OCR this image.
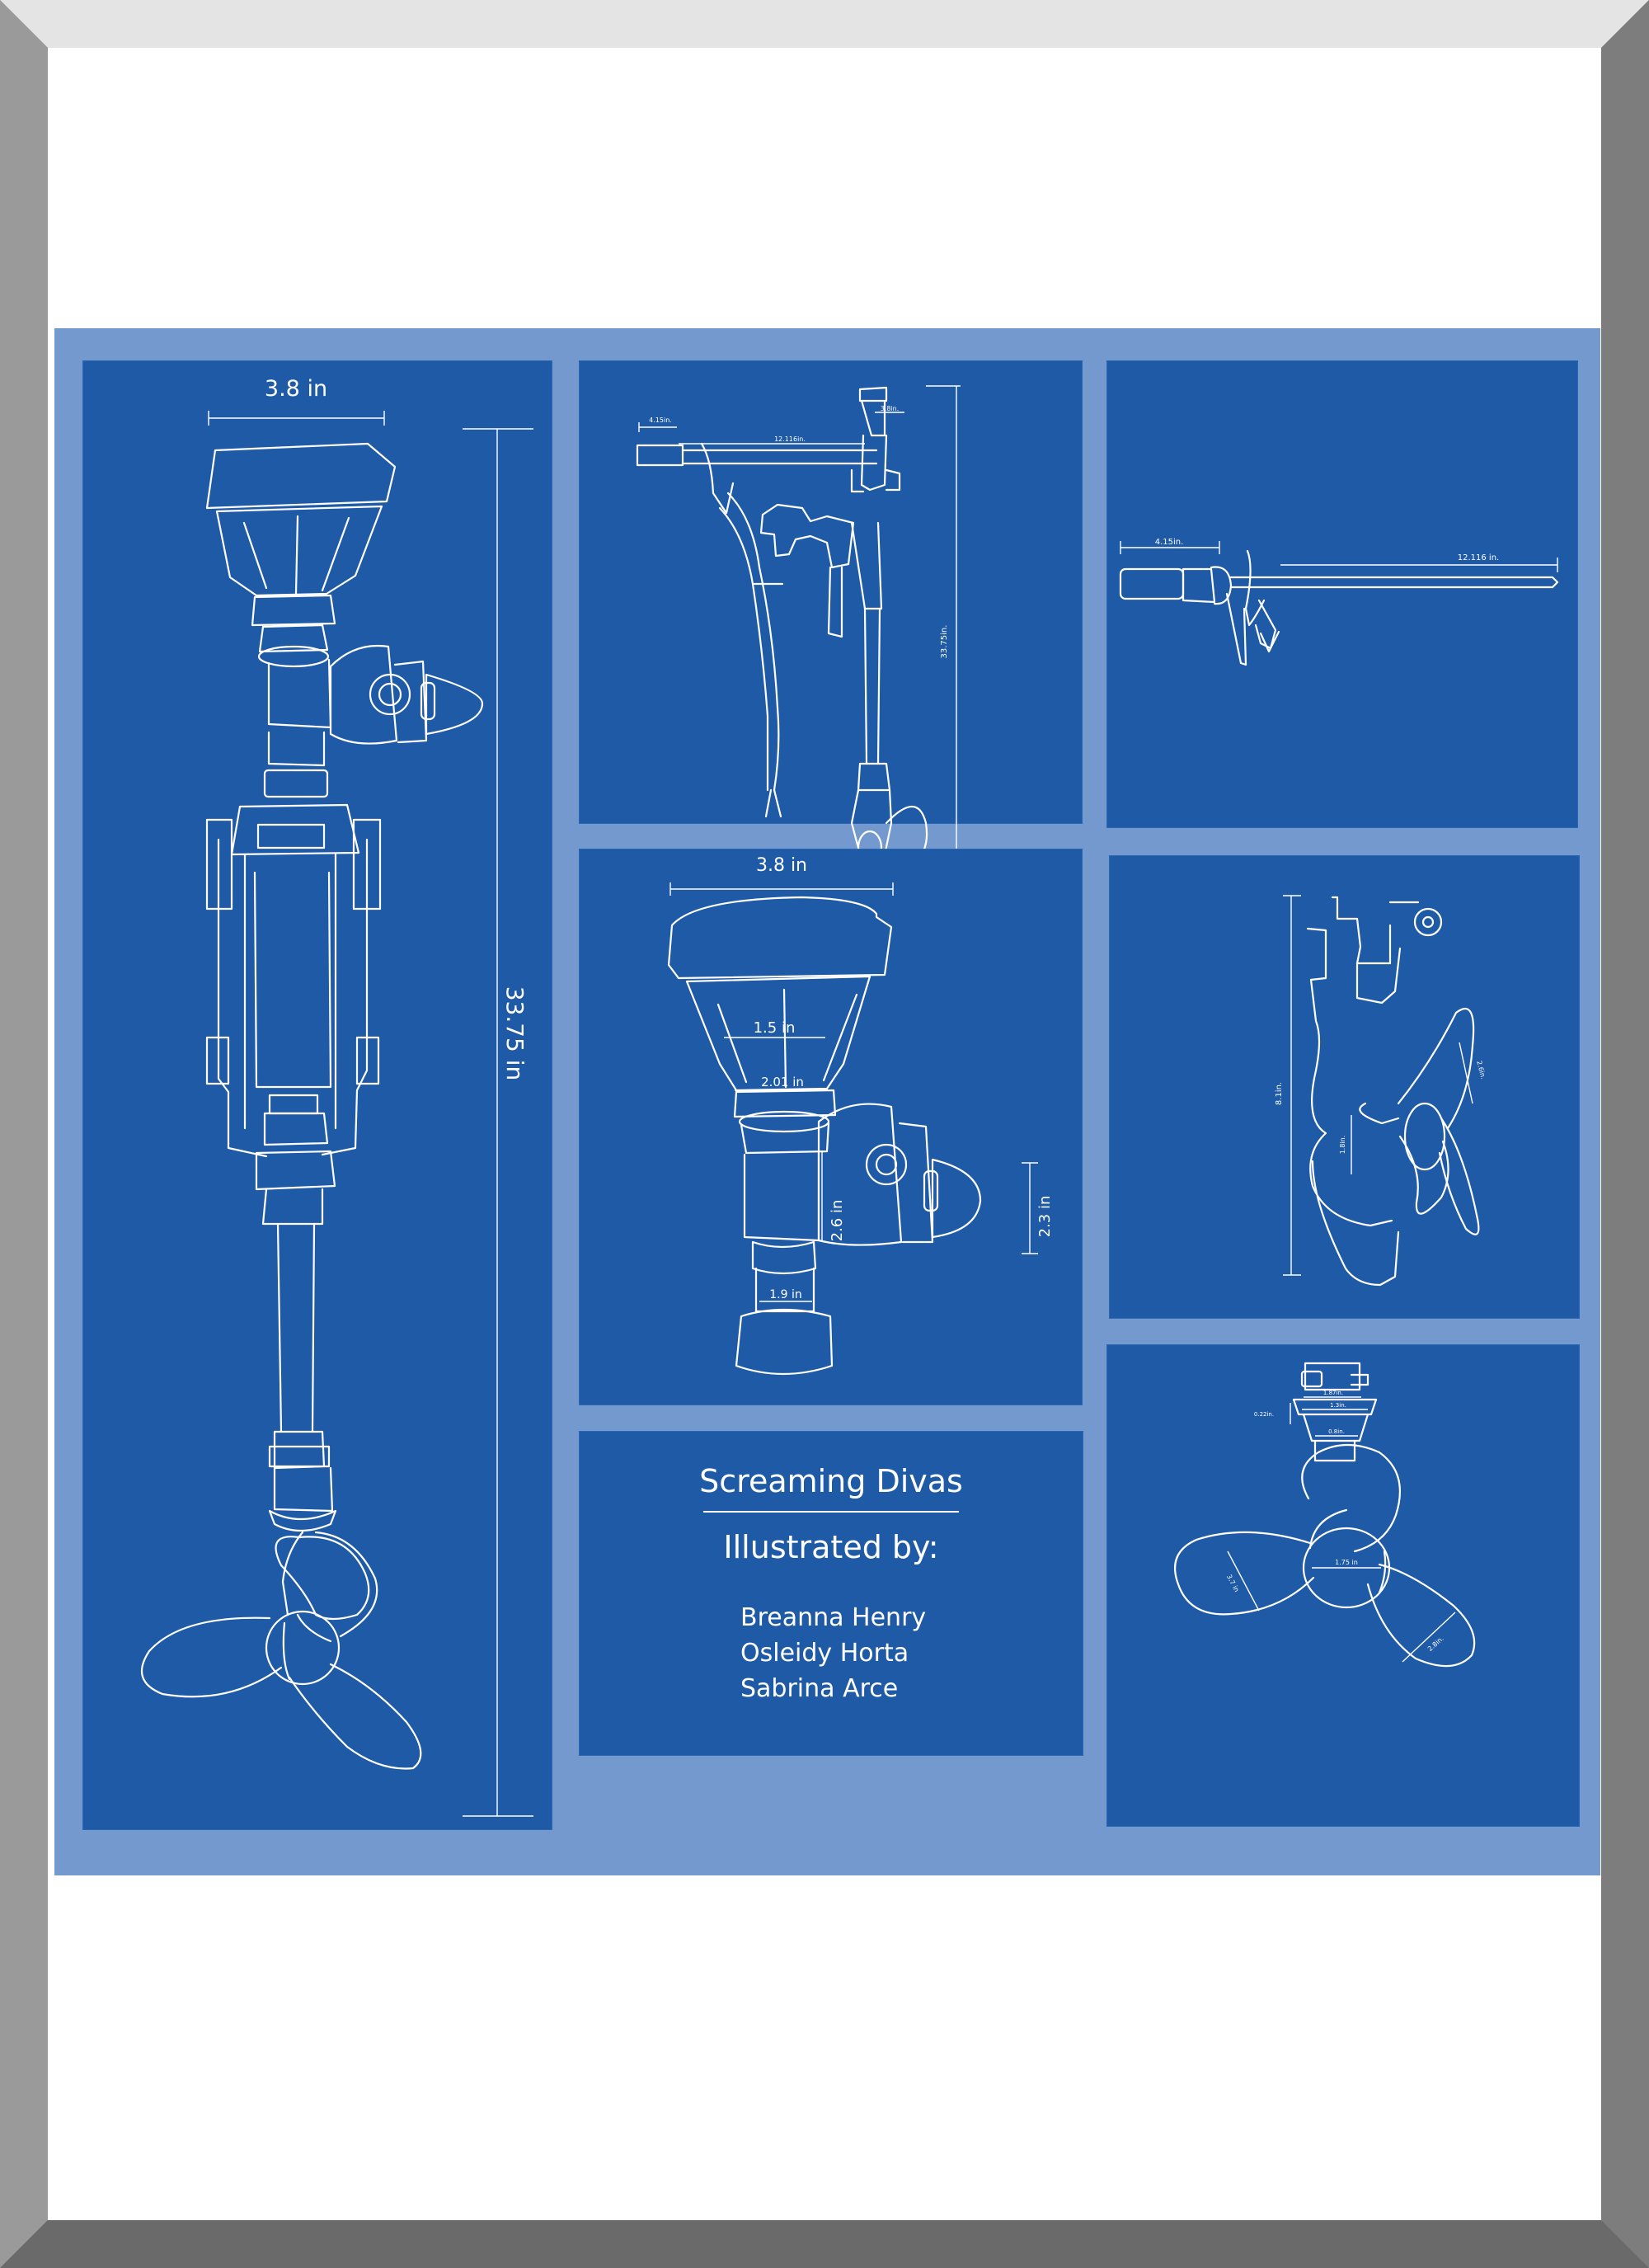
3.8 in
33.75 in
4.15in.
12.116in.
3.8in.
33.75in.
4.15in.
12.116 in.
3.8 in
1.5 in
2.01 in
2.6 in	2.3 in
1.9 in
Screaming Divas
Illustrated by:
Breanna Henry
Osleidy Horta
Sabrina Arce
8.1in.
1.8in.
2.6in.
1.87in.
1.3in.
0.22in.
0.8in.
1.75 in
3.7 in
2.8in.
